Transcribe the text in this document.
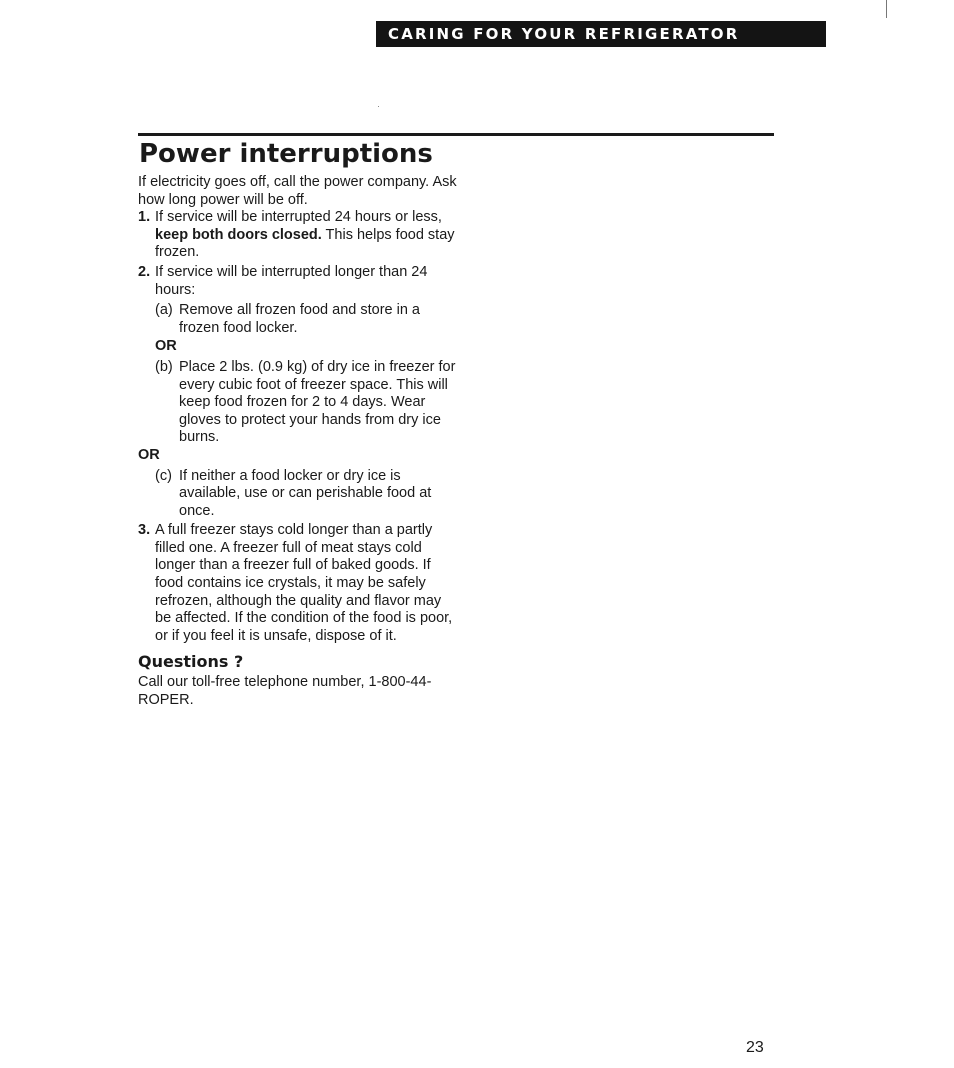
CARING FOR YOUR REFRIGERATOR
Power interruptions

If electricity goes off, call the power company. Ask how long power will be off.

1. If service will be interrupted 24 hours or less, keep both doors closed. This helps food stay frozen.
2. If service will be interrupted longer than 24 hours:
(a) Remove all frozen food and store in a frozen food locker.
OR
(b) Place 2 lbs. (0.9 kg) of dry ice in freezer for every cubic foot of freezer space. This will keep food frozen for 2 to 4 days. Wear gloves to protect your hands from dry ice burns.
OR
(c) If neither a food locker or dry ice is available, use or can perishable food at once.
3. A full freezer stays cold longer than a partly filled one. A freezer full of meat stays cold longer than a freezer full of baked goods. If food contains ice crystals, it may be safely refrozen, although the quality and flavor may be affected. If the condition of the food is poor, or if you feel it is unsafe, dispose of it.
Questions ?

Call our toll-free telephone number, 1-800-44-ROPER.

23
